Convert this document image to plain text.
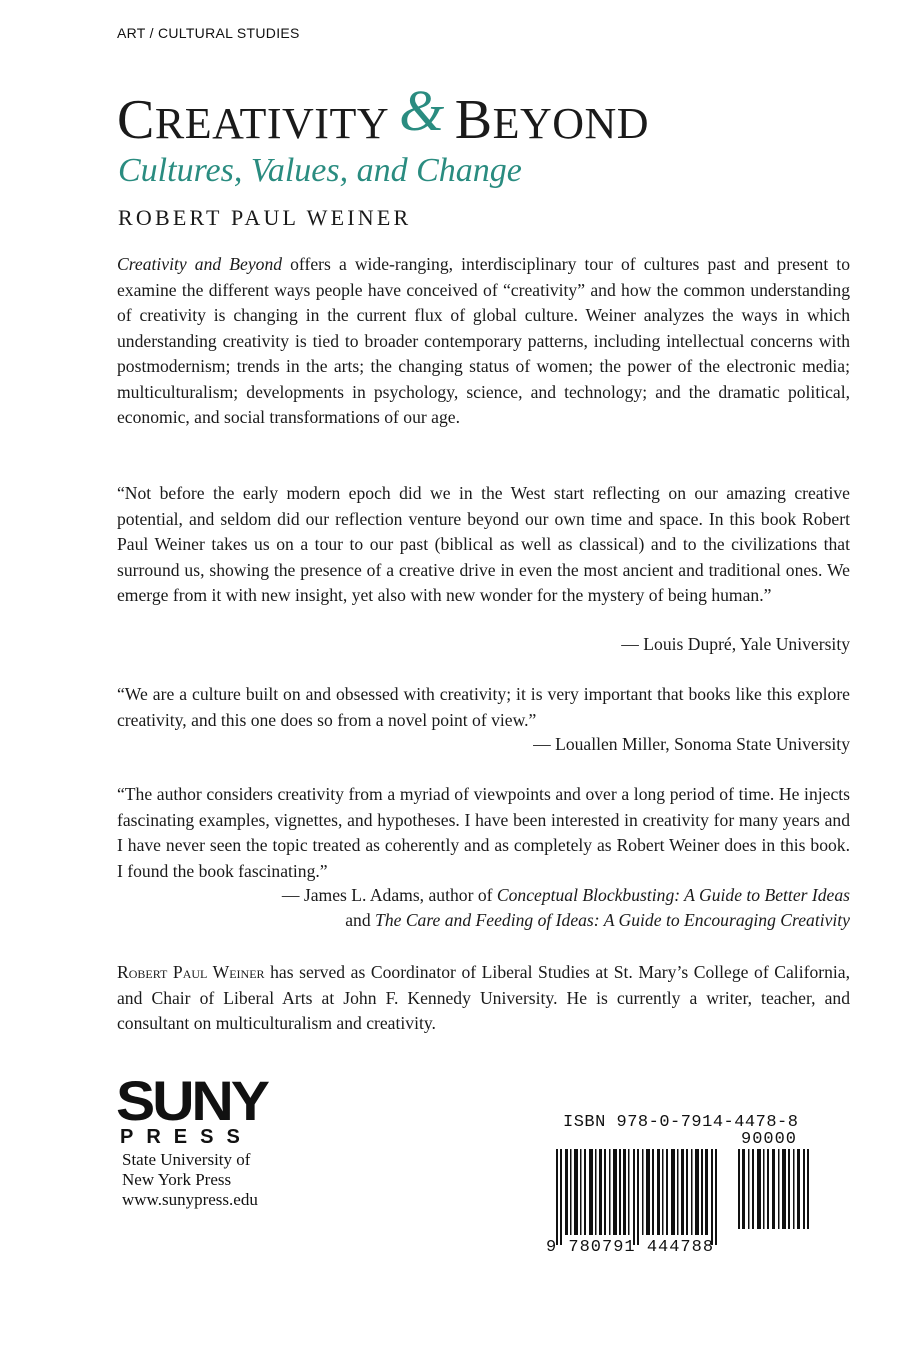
ART / CULTURAL STUDIES
CREATIVITY & BEYOND
Cultures, Values, and Change
ROBERT PAUL WEINER
Creativity and Beyond offers a wide-ranging, interdisciplinary tour of cultures past and present to examine the different ways people have conceived of “creativity” and how the common understanding of creativity is changing in the current flux of global culture. Weiner analyzes the ways in which understanding creativity is tied to broader contemporary patterns, including intellectual concerns with postmodernism; trends in the arts; the changing status of women; the power of the electronic media; multiculturalism; developments in psychology, science, and technology; and the dramatic political, economic, and social transformations of our age.
“Not before the early modern epoch did we in the West start reflecting on our amazing creative potential, and seldom did our reflection venture beyond our own time and space. In this book Robert Paul Weiner takes us on a tour to our past (biblical as well as classical) and to the civilizations that surround us, showing the presence of a creative drive in even the most ancient and traditional ones. We emerge from it with new insight, yet also with new wonder for the mystery of being human.”
— Louis Dupré, Yale University
“We are a culture built on and obsessed with creativity; it is very important that books like this explore creativity, and this one does so from a novel point of view.”
— Louallen Miller, Sonoma State University
“The author considers creativity from a myriad of viewpoints and over a long period of time. He injects fascinating examples, vignettes, and hypotheses. I have been interested in creativity for many years and I have never seen the topic treated as coherently and as completely as Robert Weiner does in this book. I found the book fascinating.”
— James L. Adams, author of Conceptual Blockbusting: A Guide to Better Ideas
and The Care and Feeding of Ideas: A Guide to Encouraging Creativity
Robert Paul Weiner has served as Coordinator of Liberal Studies at St. Mary’s College of California, and Chair of Liberal Arts at John F. Kennedy University. He is currently a writer, teacher, and consultant on multiculturalism and creativity.
SUNY
PRESS
State University of
New York Press
www.sunypress.edu
ISBN 978-0-7914-4478-8
90000
9 780791 444788
